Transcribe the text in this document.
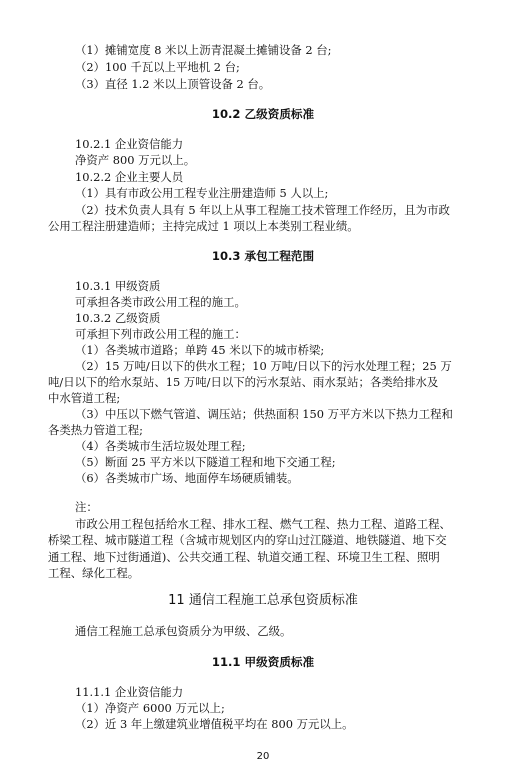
（1）摊铺宽度 8 米以上沥青混凝土摊铺设备 2 台;
（2）100 千瓦以上平地机 2 台;
（3）直径 1.2 米以上顶管设备 2 台。
10.2 乙级资质标准
10.2.1 企业资信能力
净资产 800 万元以上。
10.2.2 企业主要人员
（1）具有市政公用工程专业注册建造师 5 人以上;
（2）技术负责人具有 5 年以上从事工程施工技术管理工作经历，且为市政
公用工程注册建造师；主持完成过 1 项以上本类别工程业绩。
10.3 承包工程范围
10.3.1 甲级资质
可承担各类市政公用工程的施工。
10.3.2 乙级资质
可承担下列市政公用工程的施工：
（1）各类城市道路；单跨 45 米以下的城市桥梁;
（2）15 万吨/日以下的供水工程；10 万吨/日以下的污水处理工程；25 万
吨/日以下的给水泵站、15 万吨/日以下的污水泵站、雨水泵站；各类给排水及
中水管道工程;
（3）中压以下燃气管道、调压站；供热面积 150 万平方米以下热力工程和
各类热力管道工程;
（4）各类城市生活垃圾处理工程;
（5）断面 25 平方米以下隧道工程和地下交通工程;
（6）各类城市广场、地面停车场硬质铺装。
注：
市政公用工程包括给水工程、排水工程、燃气工程、热力工程、道路工程、
桥梁工程、城市隧道工程（含城市规划区内的穿山过江隧道、地铁隧道、地下交
通工程、地下过街通道)、公共交通工程、轨道交通工程、环境卫生工程、照明
工程、绿化工程。
11 通信工程施工总承包资质标准
通信工程施工总承包资质分为甲级、乙级。
11.1 甲级资质标准
11.1.1 企业资信能力
（1）净资产 6000 万元以上;
（2）近 3 年上缴建筑业增值税平均在 800 万元以上。
20
